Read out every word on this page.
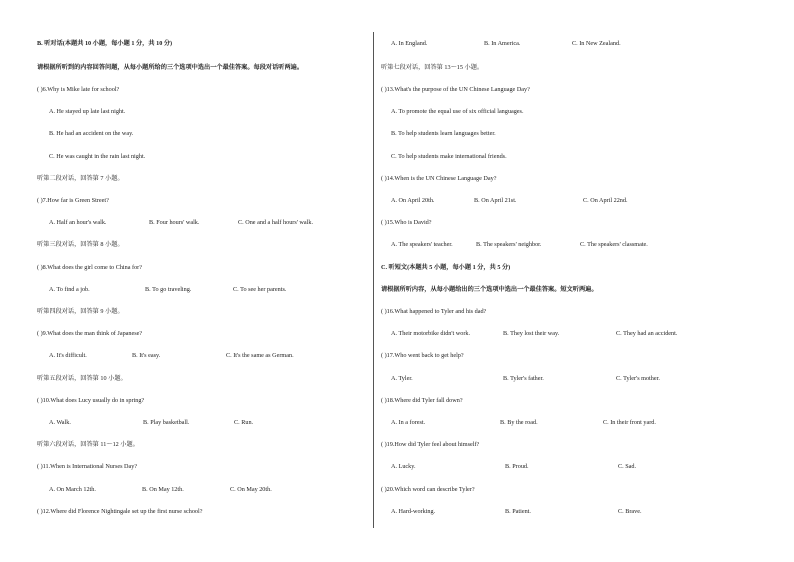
B. 听对话(本题共 10 小题，每小题 1 分，共 10 分)
请根据所听到的内容回答问题，从每小题所给的三个选项中选出一个最佳答案。每段对话听两遍。
( )6.Why is Mike late for school?
A. He stayed up late last night.
B. He had an accident on the way.
C. He was caught in the rain last night.
听第二段对话，回答第 7 小题。
( )7.How far is Green Street?
A. Half an hour's walk.	B. Four hours' walk.	C. One and a half hours' walk.
听第三段对话，回答第 8 小题。
( )8.What does the girl come to China for?
A. To find a job.	B. To go traveling.	C. To see her parents.
听第四段对话，回答第 9 小题。
( )9.What does the man think of Japanese?
A. It's difficult.	B. It's easy.	C. It's the same as German.
听第五段对话，回答第 10 小题。
( )10.What does Lucy usually do in spring?
A. Walk.	B. Play basketball.	C. Run.
听第六段对话，回答第 11～12 小题。
( )11.When is International Nurses Day?
A. On March 12th.	B. On May 12th.	C. On May 20th.
( )12.Where did Florence Nightingale set up the first nurse school?
A. In England.	B. In America.	C. In New Zealand.
听第七段对话，回答第 13～15 小题。
( )13.What's the purpose of the UN Chinese Language Day?
A. To promote the equal use of six official languages.
B. To help students learn languages better.
C. To help students make international friends.
( )14.When is the UN Chinese Language Day?
A. On April 20th.	B. On April 21st.	C. On April 22nd.
( )15.Who is David?
A. The speakers' teacher.	B. The speakers' neighbor.	C. The speakers' classmate.
C. 听短文(本题共 5 小题，每小题 1 分，共 5 分)
请根据所听内容，从每小题给出的三个选项中选出一个最佳答案。短文听两遍。
( )16.What happened to Tyler and his dad?
A. Their motorbike didn't work.	B. They lost their way.	C. They had an accident.
( )17.Who went back to get help?
A. Tyler.	B. Tyler's father.	C. Tyler's mother.
( )18.Where did Tyler fall down?
A. In a forest.	B. By the road.	C. In their front yard.
( )19.How did Tyler feel about himself?
A. Lucky.	B. Proud.	C. Sad.
( )20.Which word can describe Tyler?
A. Hard-working.	B. Patient.	C. Brave.
